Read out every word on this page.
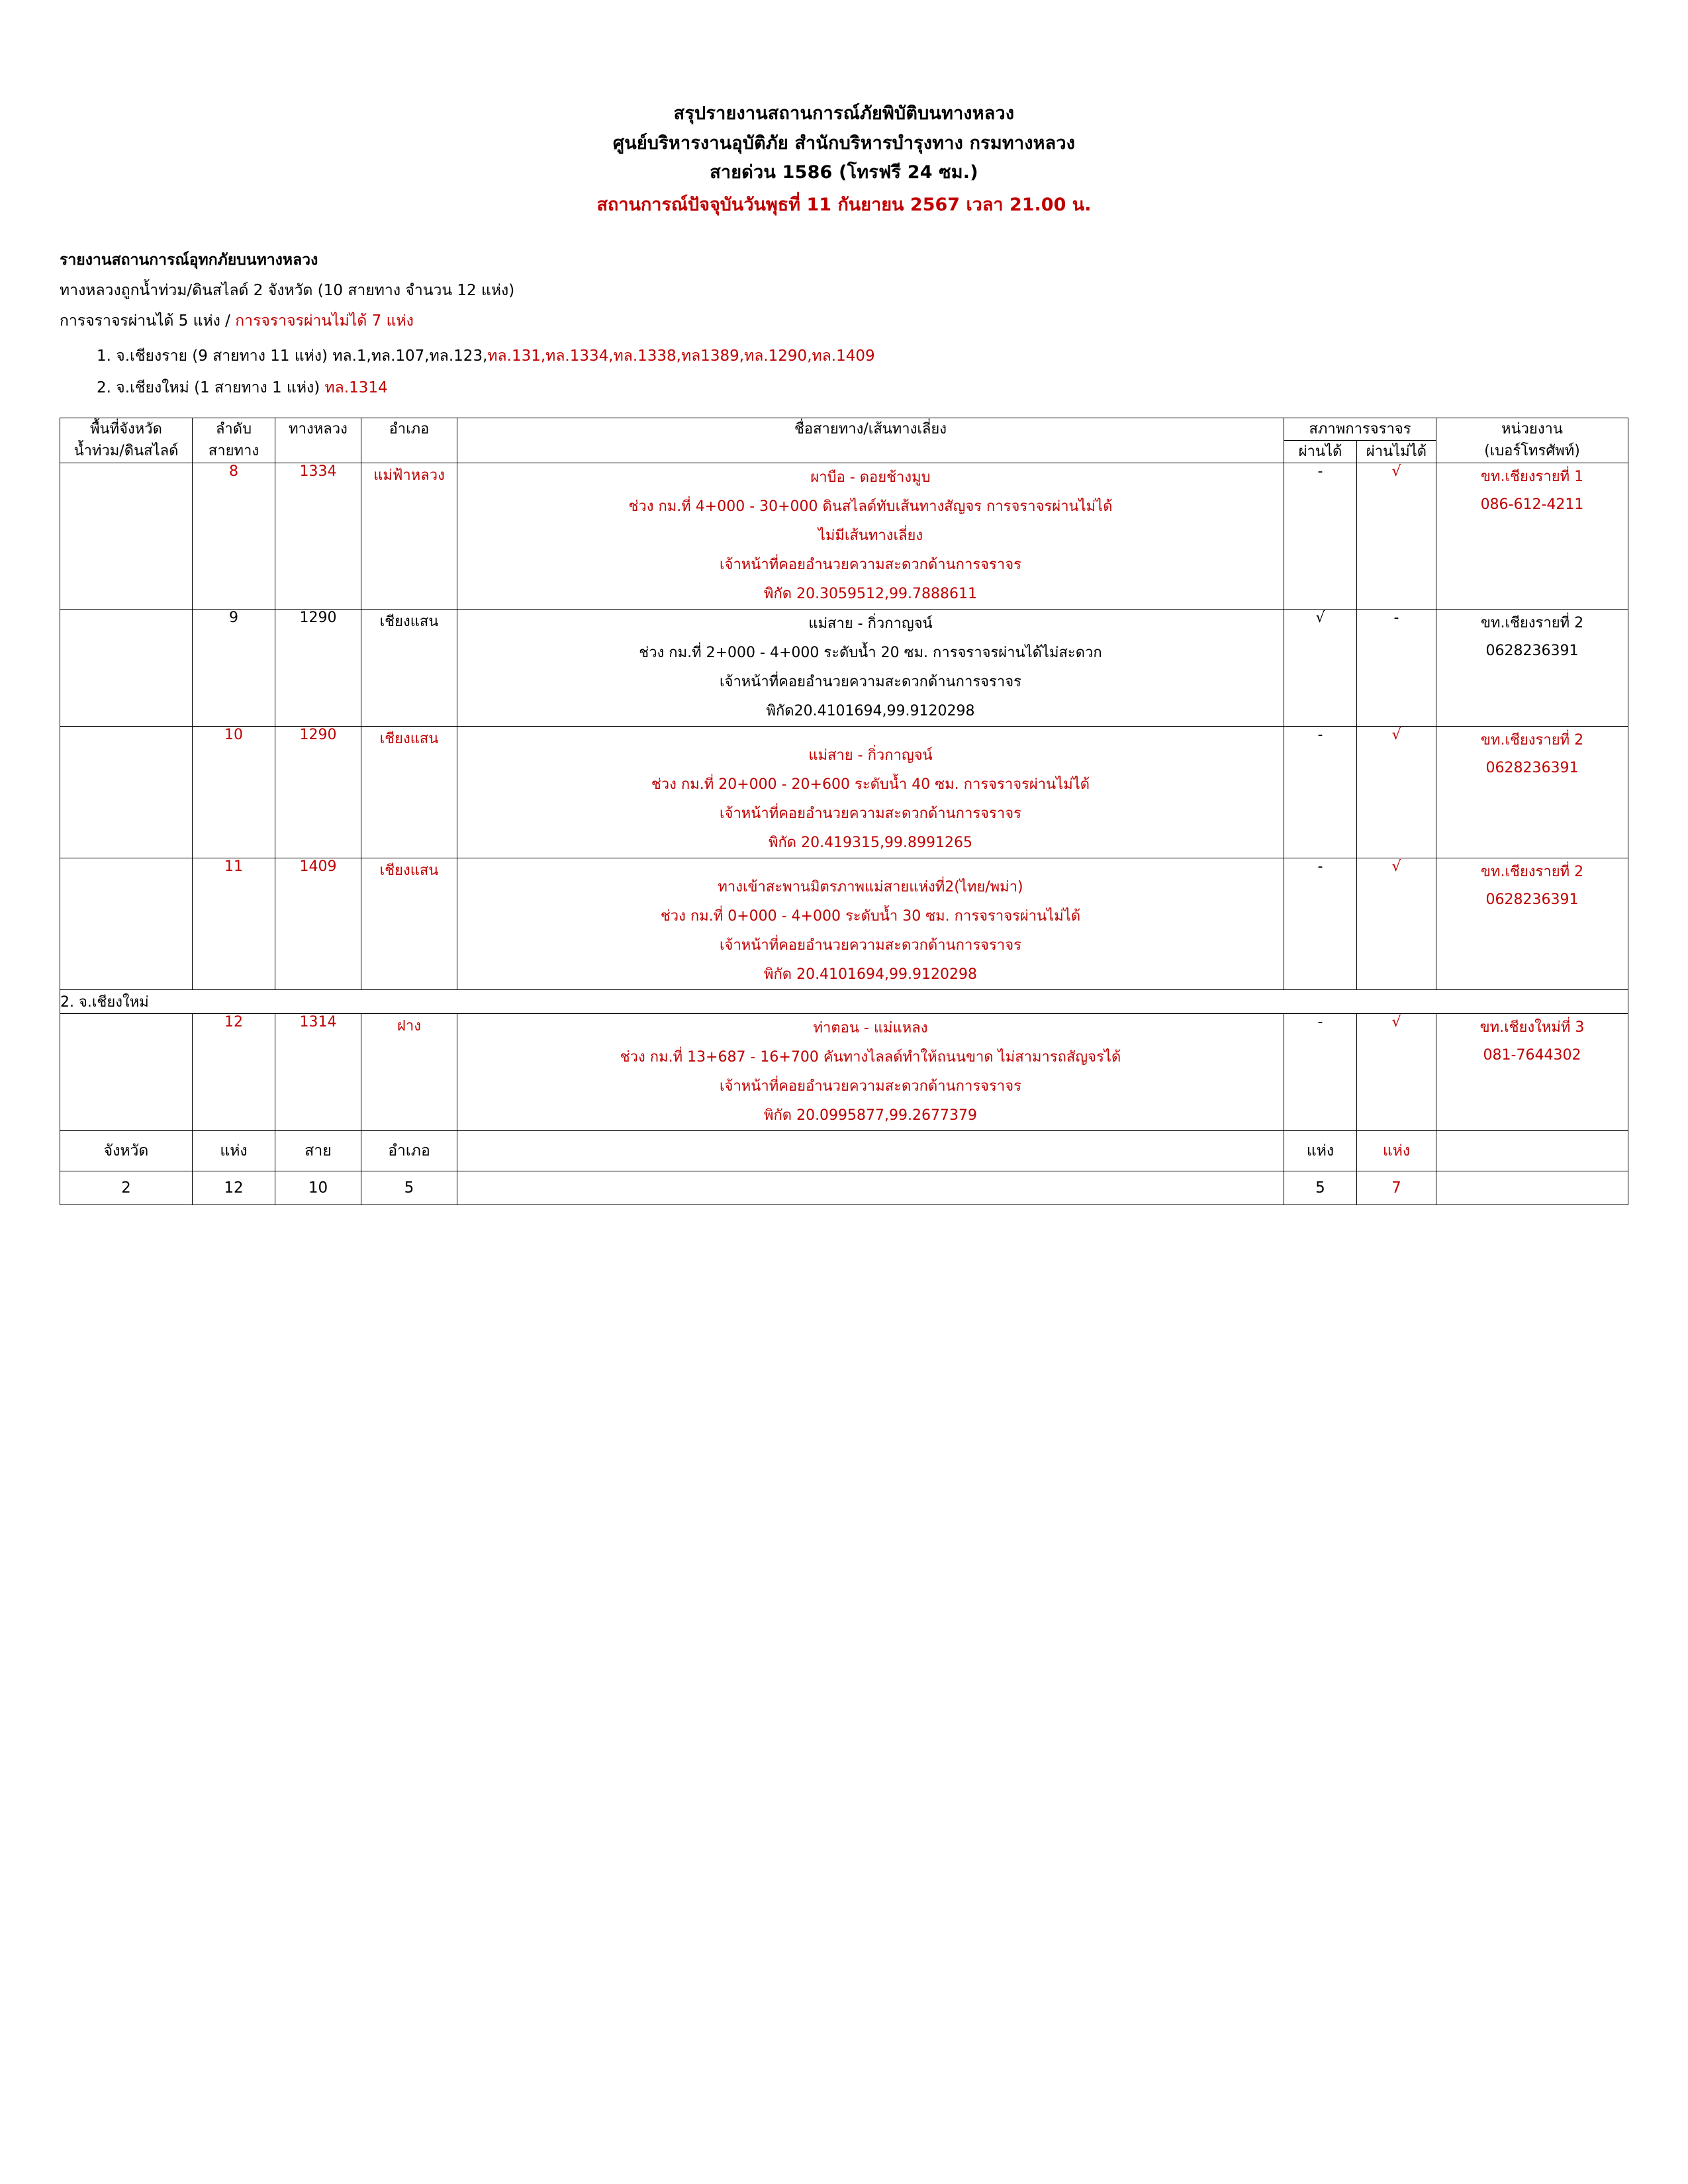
สรุปรายงานสถานการณ์ภัยพิบัติบนทางหลวง
ศูนย์บริหารงานอุบัติภัย สำนักบริหารบำรุงทาง กรมทางหลวง
สายด่วน 1586 (โทรฟรี 24 ซม.)
สถานการณ์ปัจจุบันวันพุธที่ 11 กันยายน 2567 เวลา 21.00 น.
รายงานสถานการณ์อุทกภัยบนทางหลวง
ทางหลวงถูกน้ำท่วม/ดินสไลด์ 2 จังหวัด (10 สายทาง จำนวน 12 แห่ง)
การจราจรผ่านได้ 5 แห่ง / การจราจรผ่านไม่ได้ 7 แห่ง
1. จ.เชียงราย (9 สายทาง 11 แห่ง) ทล.1,ทล.107,ทล.123,ทล.131,ทล.1334,ทล.1338,ทล1389,ทล.1290,ทล.1409
2. จ.เชียงใหม่ (1 สายทาง 1 แห่ง) ทล.1314
พื้นที่จังหวัด
น้ำท่วม/ดินสไลด์

ลำดับ
สายทาง
	ทางหลวง	อำเภอ	ชื่อสายทาง/เส้นทางเลี่ยง	สภาพการจราจร	หน่วยงาน
(เบอร์โทรศัพท์)

					ผ่านได้	ผ่านไม่ได้	
	8	1334	แม่ฟ้าหลวง	ผาบือ - ดอยช้างมูบ
ช่วง กม.ที่ 4+000 - 30+000 ดินสไลด์ทับเส้นทางสัญจร การจราจรผ่านไม่ได้
ไม่มีเส้นทางเลี่ยง
เจ้าหน้าที่คอยอำนวยความสะดวกด้านการจราจร
พิกัด 20.3059512,99.7888611
	-	√	ขท.เชียงรายที่ 1
086-612-4211

	9	1290	เชียงแสน	แม่สาย - กิ่วกาญจน์
ช่วง กม.ที่ 2+000 - 4+000 ระดับน้ำ 20 ซม. การจราจรผ่านได้ไม่สะดวก
เจ้าหน้าที่คอยอำนวยความสะดวกด้านการจราจร
พิกัด20.4101694,99.9120298
	√	-	ขท.เชียงรายที่ 2
0628236391

	10	1290	เชียงแสน	
แม่สาย - กิ่วกาญจน์
ช่วง กม.ที่ 20+000 - 20+600 ระดับน้ำ 40 ซม. การจราจรผ่านไม่ได้
เจ้าหน้าที่คอยอำนวยความสะดวกด้านการจราจร
พิกัด 20.419315,99.8991265
	-	√	ขท.เชียงรายที่ 2
0628236391

	11	1409	เชียงแสน	
ทางเข้าสะพานมิตรภาพแม่สายแห่งที่2(ไทย/พม่า)
ช่วง กม.ที่ 0+000 - 4+000 ระดับน้ำ 30 ซม. การจราจรผ่านไม่ได้
เจ้าหน้าที่คอยอำนวยความสะดวกด้านการจราจร
พิกัด 20.4101694,99.9120298
	-	√	ขท.เชียงรายที่ 2
0628236391

2. จ.เชียงใหม่							
	12	1314	ฝาง	ท่าตอน - แม่แหลง
ช่วง กม.ที่ 13+687 - 16+700 คันทางไลลด์ทำให้ถนนขาด ไม่สามารถสัญจรได้
เจ้าหน้าที่คอยอำนวยความสะดวกด้านการจราจร
พิกัด 20.0995877,99.2677379
	-	√	ขท.เชียงใหม่ที่ 3
081-7644302

จังหวัด	แห่ง	สาย	อำเภอ		แห่ง	แห่ง	
2	12	10	5		5	7	
